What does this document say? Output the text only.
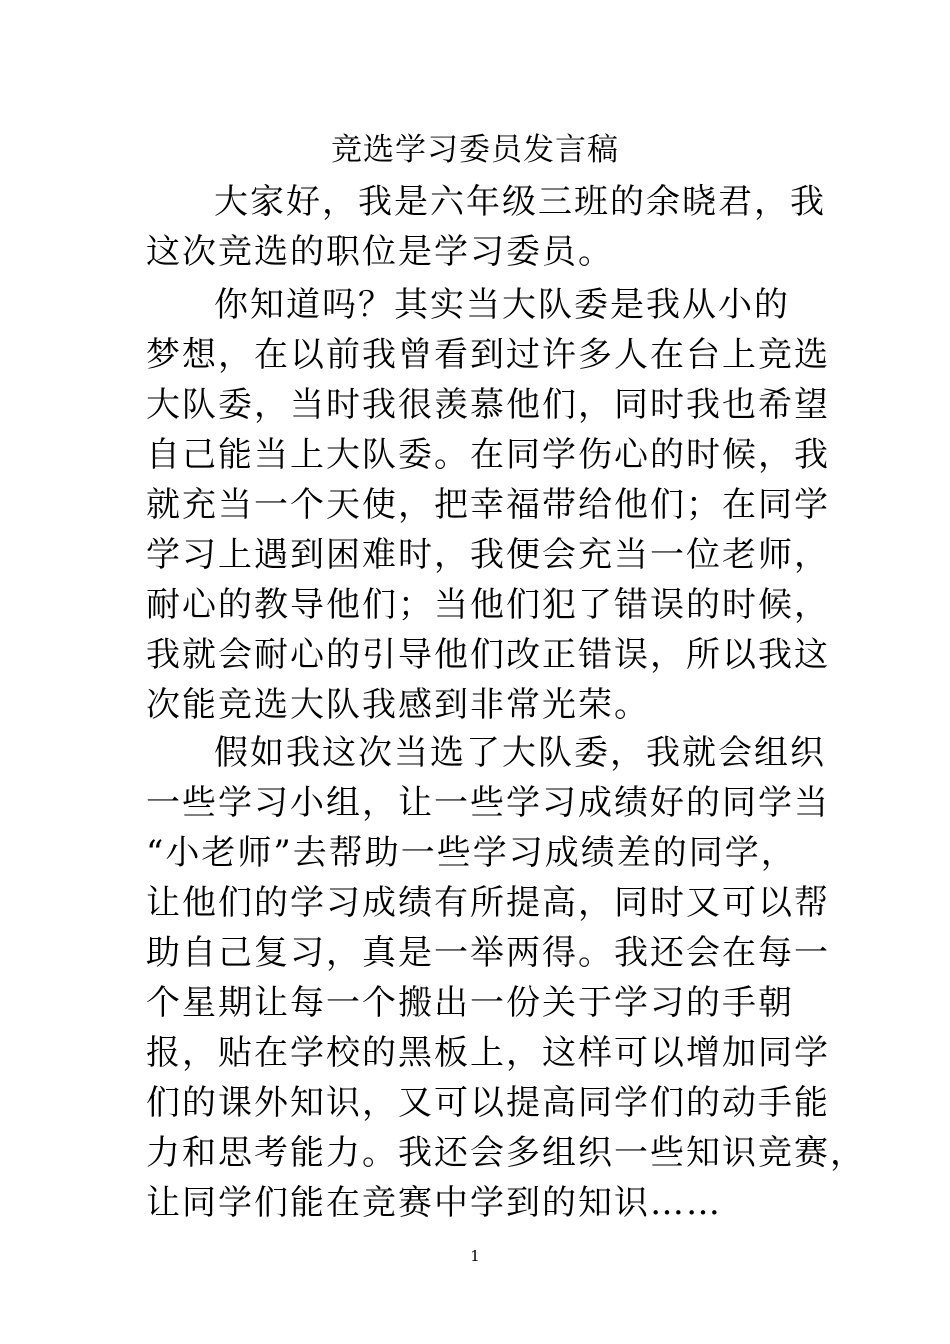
竞选学习委员发言稿
大家好，我是六年级三班的余晓君，我
这次竞选的职位是学习委员。
你知道吗？其实当大队委是我从小的
梦想，在以前我曾看到过许多人在台上竞选
大队委，当时我很羡慕他们，同时我也希望
自己能当上大队委。在同学伤心的时候，我
就充当一个天使，把幸福带给他们；在同学
学习上遇到困难时，我便会充当一位老师，
耐心的教导他们；当他们犯了错误的时候，
我就会耐心的引导他们改正错误，所以我这
次能竞选大队我感到非常光荣。
假如我这次当选了大队委，我就会组织
一些学习小组，让一些学习成绩好的同学当
“小老师”去帮助一些学习成绩差的同学，
让他们的学习成绩有所提高，同时又可以帮
助自己复习，真是一举两得。我还会在每一
个星期让每一个搬出一份关于学习的手朝
报，贴在学校的黑板上，这样可以增加同学
们的课外知识，又可以提高同学们的动手能
力和思考能力。我还会多组织一些知识竞赛，
让同学们能在竞赛中学到的知识……
1
